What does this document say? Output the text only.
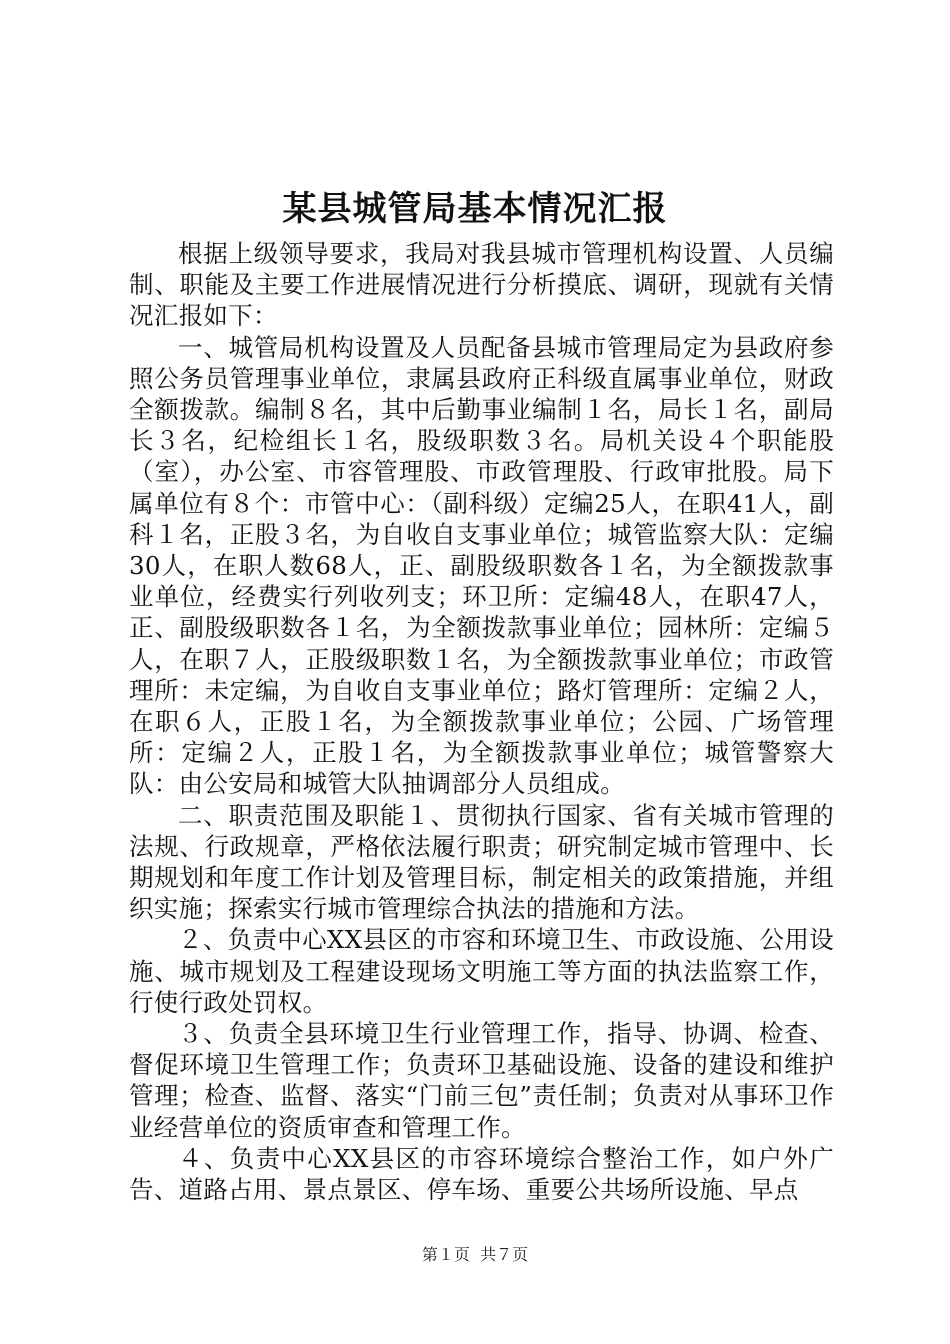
某县城管局基本情况汇报

根据上级领导要求，我局对我县城市管理机构设置、人员编制、职能及主要工作进展情况进行分析摸底、调研，现就有关情况汇报如下：

一、城管局机构设置及人员配备县城市管理局定为县政府参照公务员管理事业单位，隶属县政府正科级直属事业单位，财政全额拨款。编制８名，其中后勤事业编制１名，局长１名，副局长３名，纪检组长１名，股级职数３名。局机关设４个职能股（室），办公室、市容管理股、市政管理股、行政审批股。局下属单位有８个：市管中心：（副科级）定编25人，在职41人，副科１名，正股３名，为自收自支事业单位；城管监察大队：定编30人，在职人数68人，正、副股级职数各１名，为全额拨款事业单位，经费实行列收列支；环卫所：定编48人，在职47人，正、副股级职数各１名，为全额拨款事业单位；园林所：定编５人，在职７人，正股级职数１名，为全额拨款事业单位；市政管理所：未定编，为自收自支事业单位；路灯管理所：定编２人，在职６人，正股１名，为全额拨款事业单位；公园、广场管理所：定编２人，正股１名，为全额拨款事业单位；城管警察大队：由公安局和城管大队抽调部分人员组成。

二、职责范围及职能１、贯彻执行国家、省有关城市管理的法规、行政规章，严格依法履行职责；研究制定城市管理中、长期规划和年度工作计划及管理目标，制定相关的政策措施，并组织实施；探索实行城市管理综合执法的措施和方法。

２、负责中心XX县区的市容和环境卫生、市政设施、公用设施、城市规划及工程建设现场文明施工等方面的执法监察工作，行使行政处罚权。

３、负责全县环境卫生行业管理工作，指导、协调、检查、督促环境卫生管理工作；负责环卫基础设施、设备的建设和维护管理；检查、监督、落实“门前三包”责任制；负责对从事环卫作业经营单位的资质审查和管理工作。

４、负责中心XX县区的市容环境综合整治工作，如户外广告、道路占用、景点景区、停车场、重要公共场所设施、早点

第１页 共７页
